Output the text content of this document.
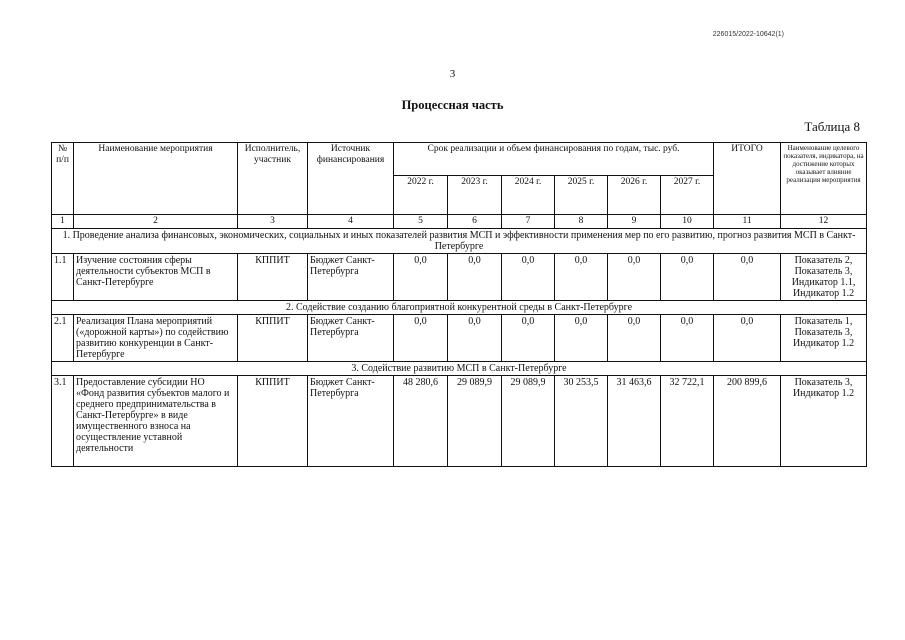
226015/2022-10642(1)
3
Процессная часть
Таблица 8
№ п/п	Наименование мероприятия	Исполнитель, участник	Источник финансирования	Срок реализации и объем финансирования по годам, тыс. руб.						ИТОГО	Наименование целевого показателя, индикатора, на достижение которых оказывает влияние реализация мероприятия
				2022 г.	2023 г.	2024 г.	2025 г.	2026 г.	2027 г.		
1	2	3	4	5	6	7	8	9	10	11	12
1. Проведение анализа финансовых, экономических, социальных и иных показателей развития МСП и эффективности применения мер по его развитию, прогноз развития МСП в Санкт-Петербурге											
1.1	Изучение состояния сферы деятельности субъектов МСП в Санкт-Петербурге	КППИТ	Бюджет Санкт-Петербурга	0,0	0,0	0,0	0,0	0,0	0,0	0,0	Показатель 2, Показатель 3, Индикатор 1.1, Индикатор 1.2
2. Содействие созданию благоприятной конкурентной среды в Санкт-Петербурге											
2.1	Реализация Плана мероприятий («дорожной карты») по содействию развитию конкуренции в Санкт-Петербурге	КППИТ	Бюджет Санкт-Петербурга	0,0	0,0	0,0	0,0	0,0	0,0	0,0	Показатель 1, Показатель 3, Индикатор 1.2
3. Содействие развитию МСП в Санкт-Петербурге											
3.1	Предоставление субсидии НО «Фонд развития субъектов малого и среднего предпринимательства в Санкт-Петербурге» в виде имущественного взноса на осуществление уставной деятельности	КППИТ	Бюджет Санкт-Петербурга	48 280,6	29 089,9	29 089,9	30 253,5	31 463,6	32 722,1	200 899,6	Показатель 3, Индикатор 1.2
